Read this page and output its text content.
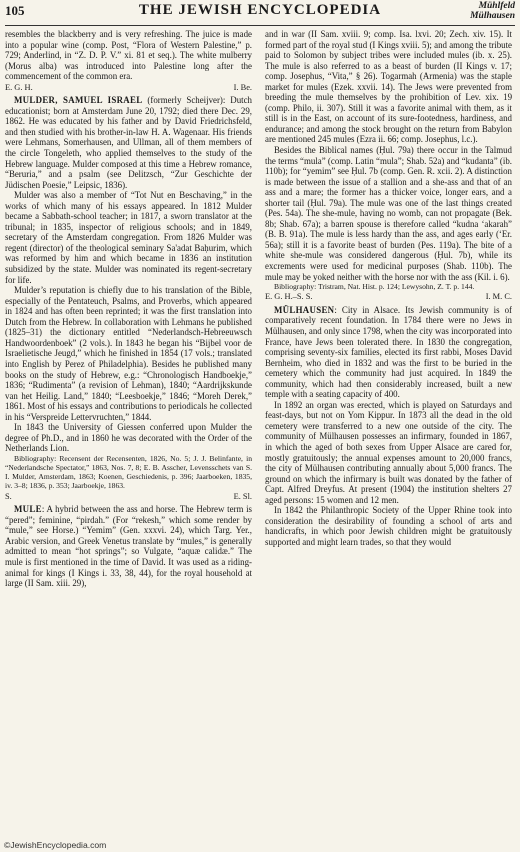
105	THE JEWISH ENCYCLOPEDIA	Mühlfeld
Mülhausen

resembles the blackberry and is very refreshing. The juice is made into a popular wine (comp. Post, “Flora of Western Palestine,” p. 729; Anderlind, in “Z. D. P. V.” xi. 81 et seq.). The white mulberry (Morus alba) was introduced into Palestine long after the commencement of the common era.

E. G. H.	I. Be.

MULDER, SAMUEL ISRAEL (formerly Scheijver): Dutch educationist; born at Amsterdam June 20, 1792; died there Dec. 29, 1862. He was educated by his father and by David Friedrichsfeld, and then studied with his brother-in-law H. A. Wagenaar. His friends were Lehmans, Somerhausen, and Ullman, all of them members of the circle Tongeleth, who applied themselves to the study of the Hebrew language. Mulder composed at this time a Hebrew romance, “Beruria,” and a psalm (see Delitzsch, “Zur Geschichte der Jüdischen Poesie,” Leipsic, 1836).

Mulder was also a member of “Tot Nut en Beschaving,” in the works of which many of his essays appeared. In 1812 Mulder became a Sabbath-school teacher; in 1817, a sworn translator at the tribunal; in 1835, inspector of religious schools; and in 1849, secretary of the Amsterdam congregation. From 1826 Mulder was regent (director) of the theological seminary Sa'adat Baḥurim, which was reformed by him and which became in 1836 an institution subsidized by the state. Mulder was nominated its regent-secretary for life.

Mulder’s reputation is chiefly due to his translation of the Bible, especially of the Pentateuch, Psalms, and Proverbs, which appeared in 1824 and has often been reprinted; it was the first translation into Dutch from the Hebrew. In collaboration with Lehmans he published (1825–31) the dictionary entitled “Nederlandsch-Hebreeuwsch Handwoordenboek” (2 vols.). In 1843 he began his “Bijbel voor de Israelietische Jeugd,” which he finished in 1854 (17 vols.; translated into English by Perez of Philadelphia). Besides he published many books on the study of Hebrew, e.g.: “Chronologisch Handboekje,” 1836; “Rudimenta” (a revision of Lehman), 1840; “Aardrijkskunde van het Heilig. Land,” 1840; “Leesboekje,” 1846; “Moreh Derek,” 1861. Most of his essays and contributions to periodicals he collected in his “Verspreide Lettervruchten,” 1844.

In 1843 the University of Giessen conferred upon Mulder the degree of Ph.D., and in 1860 he was decorated with the Order of the Netherlands Lion.

Bibliography: Recensent der Recensenten, 1826, No. 5; J. J. Belinfante, in “Nederlandsche Spectator,” 1863, Nos. 7, 8; E. B. Asscher, Levensschets van S. I. Mulder, Amsterdam, 1863; Koenen, Geschiedenis, p. 396; Jaarboeken, 1835, iv. 3–8; 1836, p. 353; Jaarboekje, 1863.

S.	E. Sl.

MULE: A hybrid between the ass and horse. The Hebrew term is “pered”; feminine, “pirdah.” (For “rekesh,” which some render by “mule,” see Horse.) “Yemim” (Gen. xxxvi. 24), which Targ. Yer., Arabic version, and Greek Venetus translate by “mules,” is generally admitted to mean “hot springs”; so Vulgate, “aquæ calidæ.” The mule is first mentioned in the time of David. It was used as a riding-animal for kings (I Kings i. 33, 38, 44), for the royal household at large (II Sam. xiii. 29),

and in war (II Sam. xviii. 9; comp. Isa. lxvi. 20; Zech. xiv. 15). It formed part of the royal stud (I Kings xviii. 5); and among the tribute paid to Solomon by subject tribes were included mules (ib. x. 25). The mule is also referred to as a beast of burden (II Kings v. 17; comp. Josephus, “Vita,” § 26). Togarmah (Armenia) was the staple market for mules (Ezek. xxvii. 14). The Jews were prevented from breeding the mule themselves by the prohibition of Lev. xix. 19 (comp. Philo, ii. 307). Still it was a favorite animal with them, as it still is in the East, on account of its sure-footedness, hardiness, and endurance; and among the stock brought on the return from Babylon are mentioned 245 mules (Ezra ii. 66; comp. Josephus, l.c.).

Besides the Biblical names (Ḥul. 79a) there occur in the Talmud the terms “mula” (comp. Latin “mula”; Shab. 52a) and “kudanta” (ib. 110b); for “yemim” see Ḥul. 7b (comp. Gen. R. xcii. 2). A distinction is made between the issue of a stallion and a she-ass and that of an ass and a mare; the former has a thicker voice, longer ears, and a shorter tail (Ḥul. 79a). The mule was one of the last things created (Pes. 54a). The she-mule, having no womb, can not propagate (Bek. 8b; Shab. 67a); a barren spouse is therefore called “kudna ‘akarah” (B. B. 91a). The mule is less hardy than the ass, and ages early (‘Er. 56a); still it is a favorite beast of burden (Pes. 119a). The bite of a white she-mule was considered dangerous (Ḥul. 7b), while its excrements were used for medicinal purposes (Shab. 110b). The mule may be yoked neither with the horse nor with the ass (Kil. i. 6).

Bibliography: Tristram, Nat. Hist. p. 124; Lewysohn, Z. T. p. 144.

E. G. H.–S. S.	I. M. C.

MÜLHAUSEN: City in Alsace. Its Jewish community is of comparatively recent foundation. In 1784 there were no Jews in Mülhausen, and only since 1798, when the city was incorporated into France, have Jews been tolerated there. In 1830 the congregation, comprising seventy-six families, elected its first rabbi, Moses David Bernheim, who died in 1832 and was the first to be buried in the cemetery which the community had just acquired. In 1849 the community, which had then considerably increased, built a new temple with a seating capacity of 400.

In 1892 an organ was erected, which is played on Saturdays and feast-days, but not on Yom Kippur. In 1873 all the dead in the old cemetery were transferred to a new one outside of the city. The community of Mülhausen possesses an infirmary, founded in 1867, in which the aged of both sexes from Upper Alsace are cared for, mostly gratuitously; the annual expenses amount to 20,000 francs, the city of Mülhausen contributing annually about 5,000 francs. The ground on which the infirmary is built was donated by the father of Capt. Alfred Dreyfus. At present (1904) the institution shelters 27 aged persons: 15 women and 12 men.

In 1842 the Philanthropic Society of the Upper Rhine took into consideration the desirability of founding a school of arts and handicrafts, in which poor Jewish children might be gratuitously supported and might learn trades, so that they would

©JewishEncyclopedia.com
